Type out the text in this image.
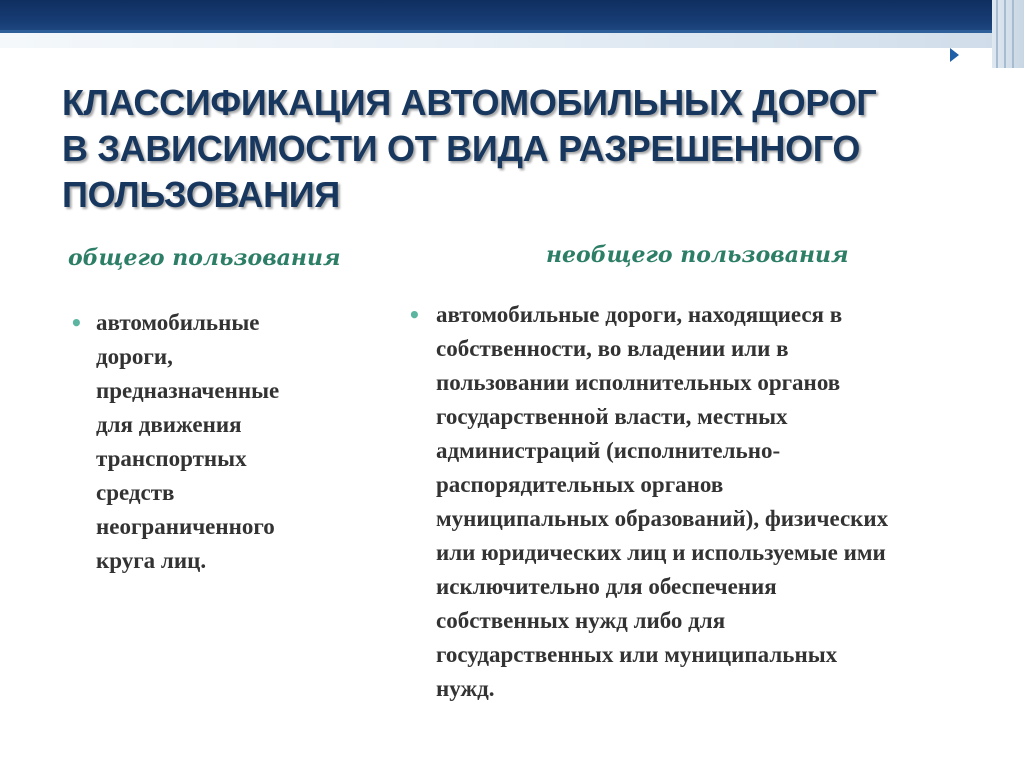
КЛАССИФИКАЦИЯ АВТОМОБИЛЬНЫХ ДОРОГ
В ЗАВИСИМОСТИ ОТ ВИДА РАЗРЕШЕННОГО
ПОЛЬЗОВАНИЯ
общего пользования	необщего пользования
• автомобильные
дороги,
предназначенные
для движения
транспортных
средств
неограниченного
круга лиц.
• автомобильные дороги, находящиеся в
собственности, во владении или в
пользовании исполнительных органов
государственной власти, местных
администраций (исполнительно-
распорядительных органов
муниципальных образований), физических
или юридических лиц и используемые ими
исключительно для обеспечения
собственных нужд либо для
государственных или муниципальных
нужд.
